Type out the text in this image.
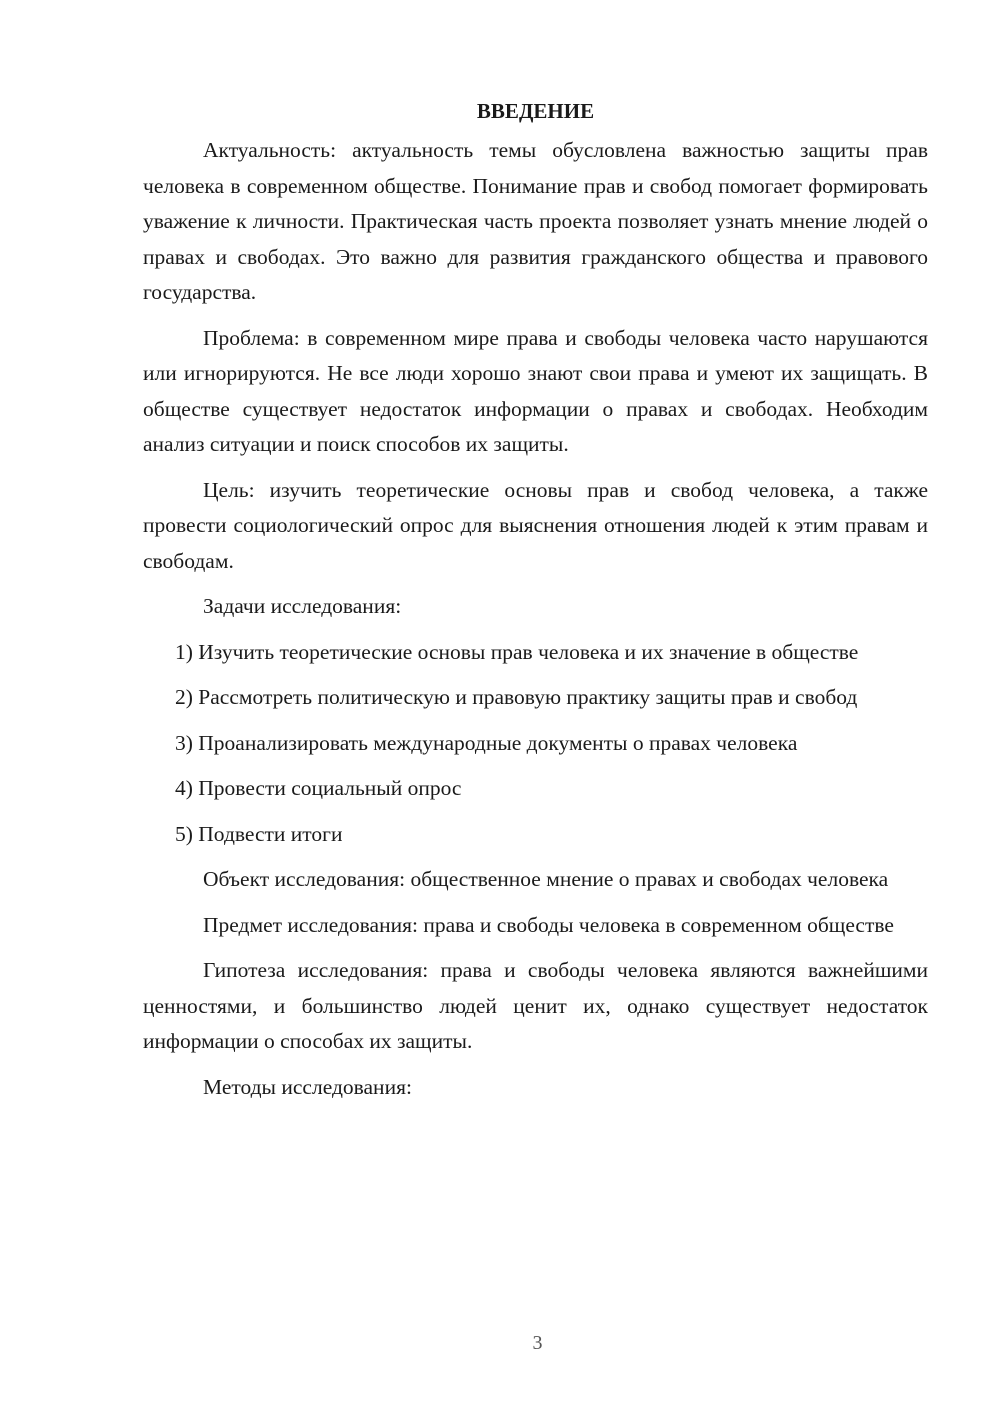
ВВЕДЕНИЕ

Актуальность: актуальность темы обусловлена важностью защиты прав человека в современном обществе. Понимание прав и свобод помогает формировать уважение к личности. Практическая часть проекта позволяет узнать мнение людей о правах и свободах. Это важно для развития гражданского общества и правового государства.

Проблема: в современном мире права и свободы человека часто нарушаются или игнорируются. Не все люди хорошо знают свои права и умеют их защищать. В обществе существует недостаток информации о правах и свободах. Необходим анализ ситуации и поиск способов их защиты.

Цель: изучить теоретические основы прав и свобод человека, а также провести социологический опрос для выяснения отношения людей к этим правам и свободам.

Задачи исследования:

1) Изучить теоретические основы прав человека и их значение в обществе

2) Рассмотреть политическую и правовую практику защиты прав и свобод

3) Проанализировать международные документы о правах человека

4) Провести социальный опрос

5) Подвести итоги

Объект исследования: общественное мнение о правах и свободах человека

Предмет исследования: права и свободы человека в современном обществе

Гипотеза исследования: права и свободы человека являются важнейшими ценностями, и большинство людей ценит их, однако существует недостаток информации о способах их защиты.

Методы исследования:

3
